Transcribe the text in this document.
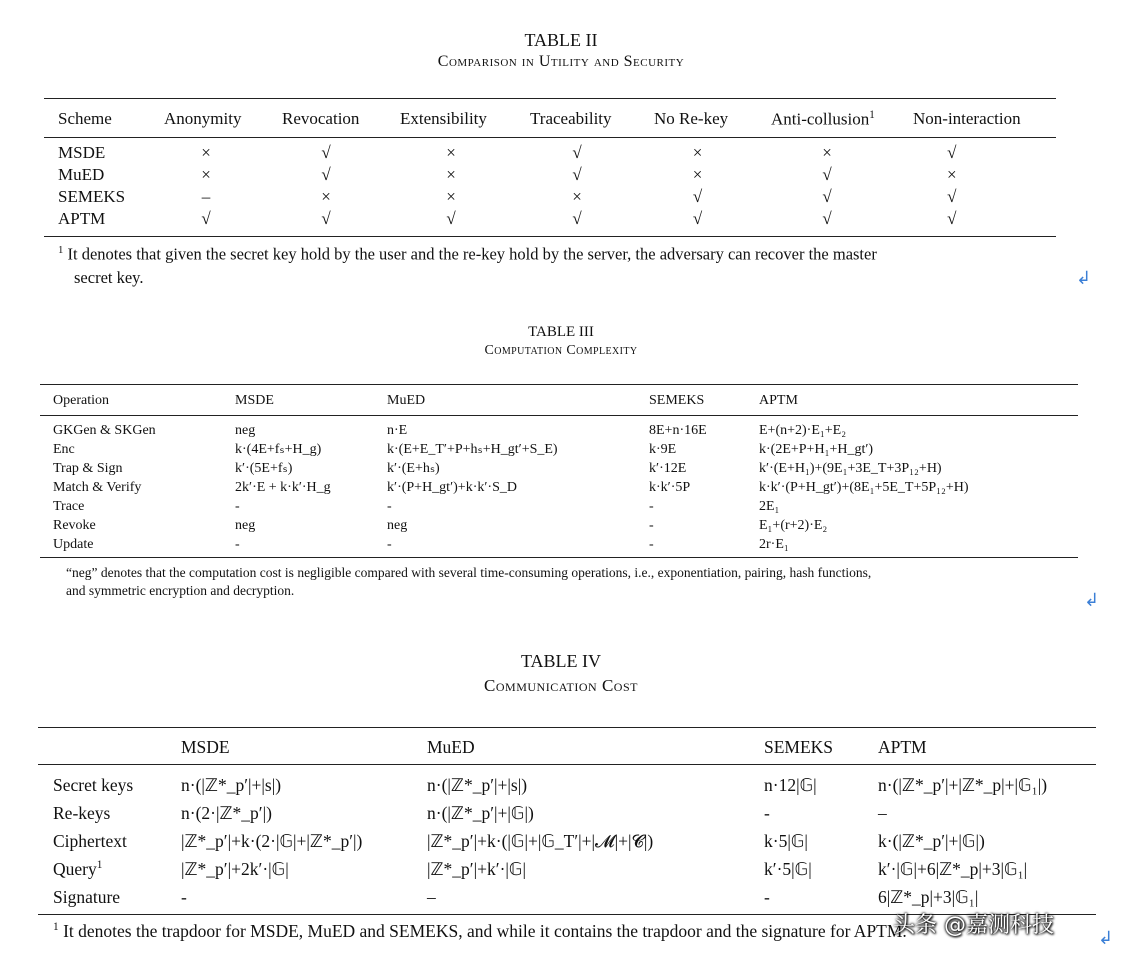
TABLE II
Comparison in Utility and Security
Scheme	Anonymity	Revocation	Extensibility	Traceability	No Re-key	Anti-collusion$^1$	Non-interaction

MSDE	×	√	×	√	×	×	√
MuED	×	√	×	√	×	√	×
SEMEKS	–	×	×	×	√	√	√
APTM	√	√	√	√	√	√	√
$^1$ It denotes that given the secret key hold by the user and the re-key hold by the server, the adversary can recover the master
secret key.	↲
TABLE III
Computation Complexity
Operation	MSDE	MuED	SEMEKS	APTM

GKGen & SKGen	neg	n·E	8E+n·16E	E+(n+2)·E₁+E₂
Enc	k·(4E+fₛ+H_g)	k·(E+E_T′+P+hₛ+H_gt′+S_E)	k·9E	k·(2E+P+H₁+H_gt′)
Trap & Sign	k′·(5E+fₛ)	k′·(E+hₛ)	k′·12E	k′·(E+H₁)+(9E₁+3E_T+3P₁₂+H)
Match & Verify	2k′·E + k·k′·H_g	k′·(P+H_gt′)+k·k′·S_D	k·k′·5P	k·k′·(P+H_gt′)+(8E₁+5E_T+5P₁₂+H)
Trace	-	-	-	2E₁
Revoke	neg	neg	-	E₁+(r+2)·E₂
Update	-	-	-	2r·E₁
“neg” denotes that the computation cost is negligible compared with several time-consuming operations, i.e., exponentiation, pairing, hash functions,
and symmetric encryption and decryption.	↲
TABLE IV
Communication Cost
	MSDE	MuED	SEMEKS	APTM

Secret keys	n·(|ℤ*_p′|+|s|)	n·(|ℤ*_p′|+|s|)	n·12|𝔾|	n·(|ℤ*_p′|+|ℤ*_p|+|𝔾₁|)
Re-keys	n·(2·|ℤ*_p′|)	n·(|ℤ*_p′|+|𝔾|)	-	–
Ciphertext	|ℤ*_p′|+k·(2·|𝔾|+|ℤ*_p′|)	|ℤ*_p′|+k·(|𝔾|+|𝔾_T′|+|𝓜|+|𝓒|)	k·5|𝔾|	k·(|ℤ*_p′|+|𝔾|)
Query$^1$	|ℤ*_p′|+2k′·|𝔾|	|ℤ*_p′|+k′·|𝔾|	k′·5|𝔾|	k′·|𝔾|+6|ℤ*_p|+3|𝔾₁|
Signature	-	–	-	6|ℤ*_p|+3|𝔾₁|
$^1$ It denotes the trapdoor for MSDE, MuED and SEMEKS, and while it contains the trapdoor and the signature for APTM.
头条 @嘉测科技
↲
